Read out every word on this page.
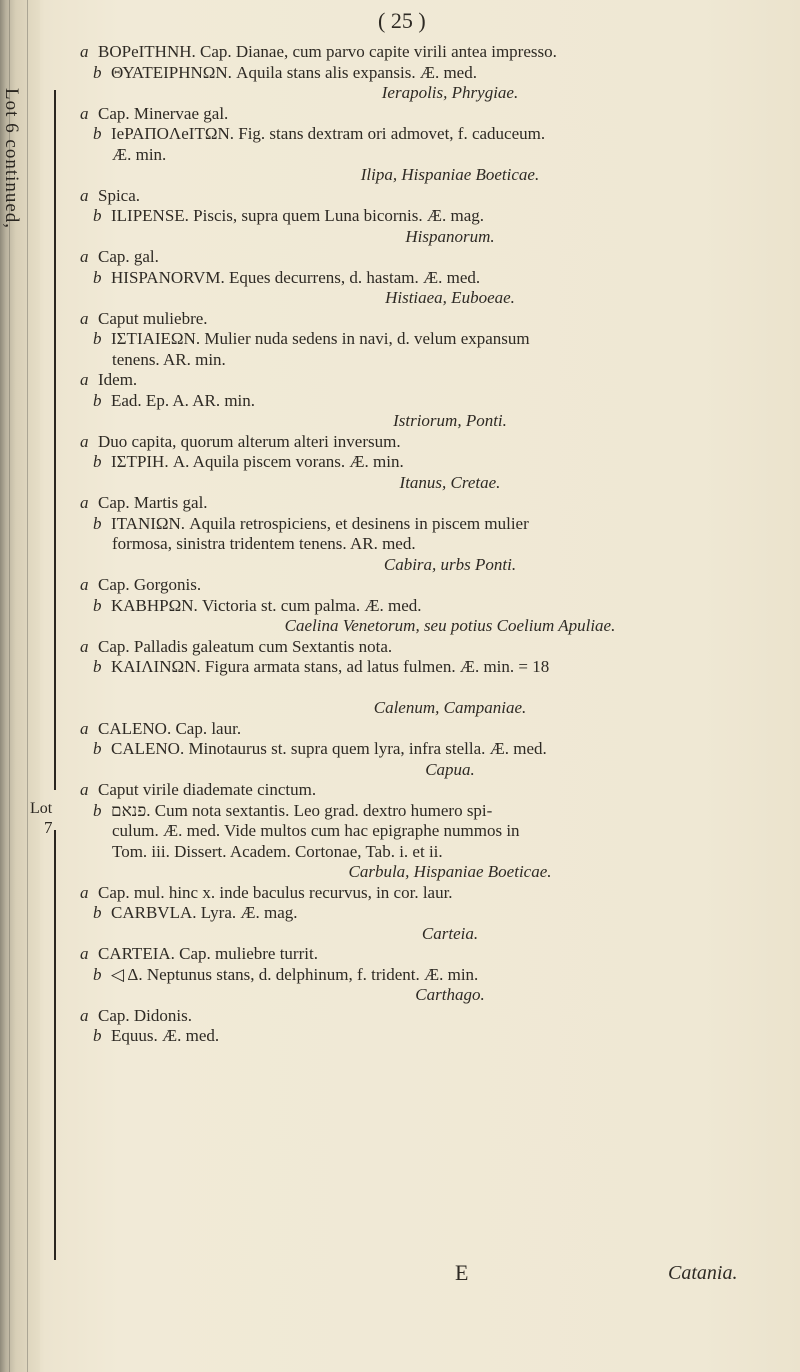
Lot 6 continued,
Lot
7
( 25 )
a BOPeITHNH. Cap. Dianae, cum parvo capite virili antea impresso.
b ΘΥΑΤΕΙΡΗΝΩΝ. Aquila stans alis expansis. Æ. med.
Ierapolis, Phrygiae.
a Cap. Minervae gal.
b IePAΠOΛeITΩN. Fig. stans dextram ori admovet, f. caduceum.
Æ. min.
Ilipa, Hispaniae Boeticae.
a Spica.
b ILIPENSE. Piscis, supra quem Luna bicornis. Æ. mag.
Hispanorum.
a Cap. gal.
b HISPANORVM. Eques decurrens, d. hastam. Æ. med.
Histiaea, Euboeae.
a Caput muliebre.
b ΙΣΤΙΑΙΕΩΝ. Mulier nuda sedens in navi, d. velum expansum
tenens. AR. min.
a Idem.
b Ead. Ep. A. AR. min.
Istriorum, Ponti.
a Duo capita, quorum alterum alteri inversum.
b ΙΣΤΡΙΗ. A. Aquila piscem vorans. Æ. min.
Itanus, Cretae.
a Cap. Martis gal.
b ΙΤΑΝΙΩΝ. Aquila retrospiciens, et desinens in piscem mulier
formosa, sinistra tridentem tenens. AR. med.
Cabira, urbs Ponti.
a Cap. Gorgonis.
b ΚΑΒΗΡΩΝ. Victoria st. cum palma. Æ. med.
Caelina Venetorum, seu potius Coelium Apuliae.
a Cap. Palladis galeatum cum Sextantis nota.
b ΚΑΙΛΙΝΩΝ. Figura armata stans, ad latus fulmen. Æ. min. = 18
Calenum, Campaniae.
a CALENO. Cap. laur.
b CALENO. Minotaurus st. supra quem lyra, infra stella. Æ. med.
Capua.
a Caput virile diademate cinctum.
b פנאם. Cum nota sextantis. Leo grad. dextro humero spi-
culum. Æ. med. Vide multos cum hac epigraphe nummos in
Tom. iii. Dissert. Academ. Cortonae, Tab. i. et ii.
Carbula, Hispaniae Boeticae.
a Cap. mul. hinc x. inde baculus recurvus, in cor. laur.
b CARBVLA. Lyra. Æ. mag.
Carteia.
a CARTEIA. Cap. muliebre turrit.
b ◁ Δ. Neptunus stans, d. delphinum, f. trident. Æ. min.
Carthago.
a Cap. Didonis.
b Equus. Æ. med.
E	Catania.
